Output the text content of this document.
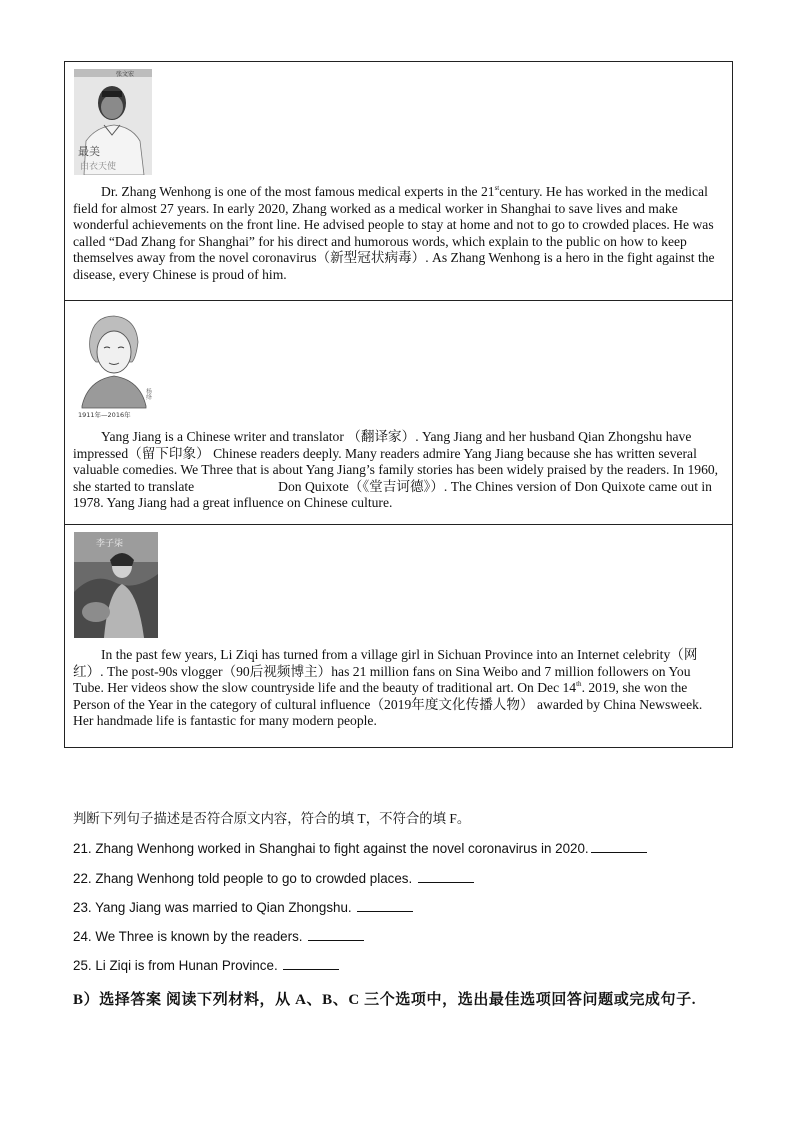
张文宏
最美
白衣天使

Dr. Zhang Wenhong is one of the most famous medical experts in the 21stcentury. He has worked in the medical field for almost 27 years. In early 2020, Zhang worked as a medical worker in Shanghai to save lives and make wonderful achievements on the front line. He advised people to stay at home and not to go to crowded places. He was called “Dad Zhang for Shanghai” for his direct and humorous words, which explain to the public on how to keep themselves away from the novel coronavirus（新型冠状病毒）. As Zhang Wenhong is a hero in the fight against the disease, every Chinese is proud of him.

1911年—2016年
杨绛

Yang Jiang is a Chinese writer and translator （翻译家）. Yang Jiang and her husband Qian Zhongshu have impressed（留下印象） Chinese readers deeply. Many readers admire Yang Jiang because she has written several valuable comedies. We Three that is about Yang Jiang’s family stories has been widely praised by the readers. In 1960, she started to translate	Don Quixote（《堂吉诃德》）. The Chines version of Don Quixote came out in 1978. Yang Jiang had a great influence on Chinese culture.

李子柒

In the past few years, Li Ziqi has turned from a village girl in Sichuan Province into an Internet celebrity（网红）. The post-90s vlogger（90后视频博主）has 21 million fans on Sina Weibo and 7 million followers on You Tube. Her videos show the slow countryside life and the beauty of traditional art. On Dec 14th. 2019, she won the Person of the Year in the category of cultural influence（2019年度文化传播人物） awarded by China Newsweek. Her handmade life is fantastic for many modern people.

判断下列句子描述是否符合原文内容，符合的填 T，不符合的填 F。
21. Zhang Wenhong worked in Shanghai to fight against the novel coronavirus in 2020.
22. Zhang Wenhong told people to go to crowded places.
23. Yang Jiang was married to Qian Zhongshu.
24. We Three is known by the readers.
25. Li Ziqi is from Hunan Province.
B）选择答案 阅读下列材料，从 A、B、C 三个选项中，选出最佳选项回答问题或完成句子.
